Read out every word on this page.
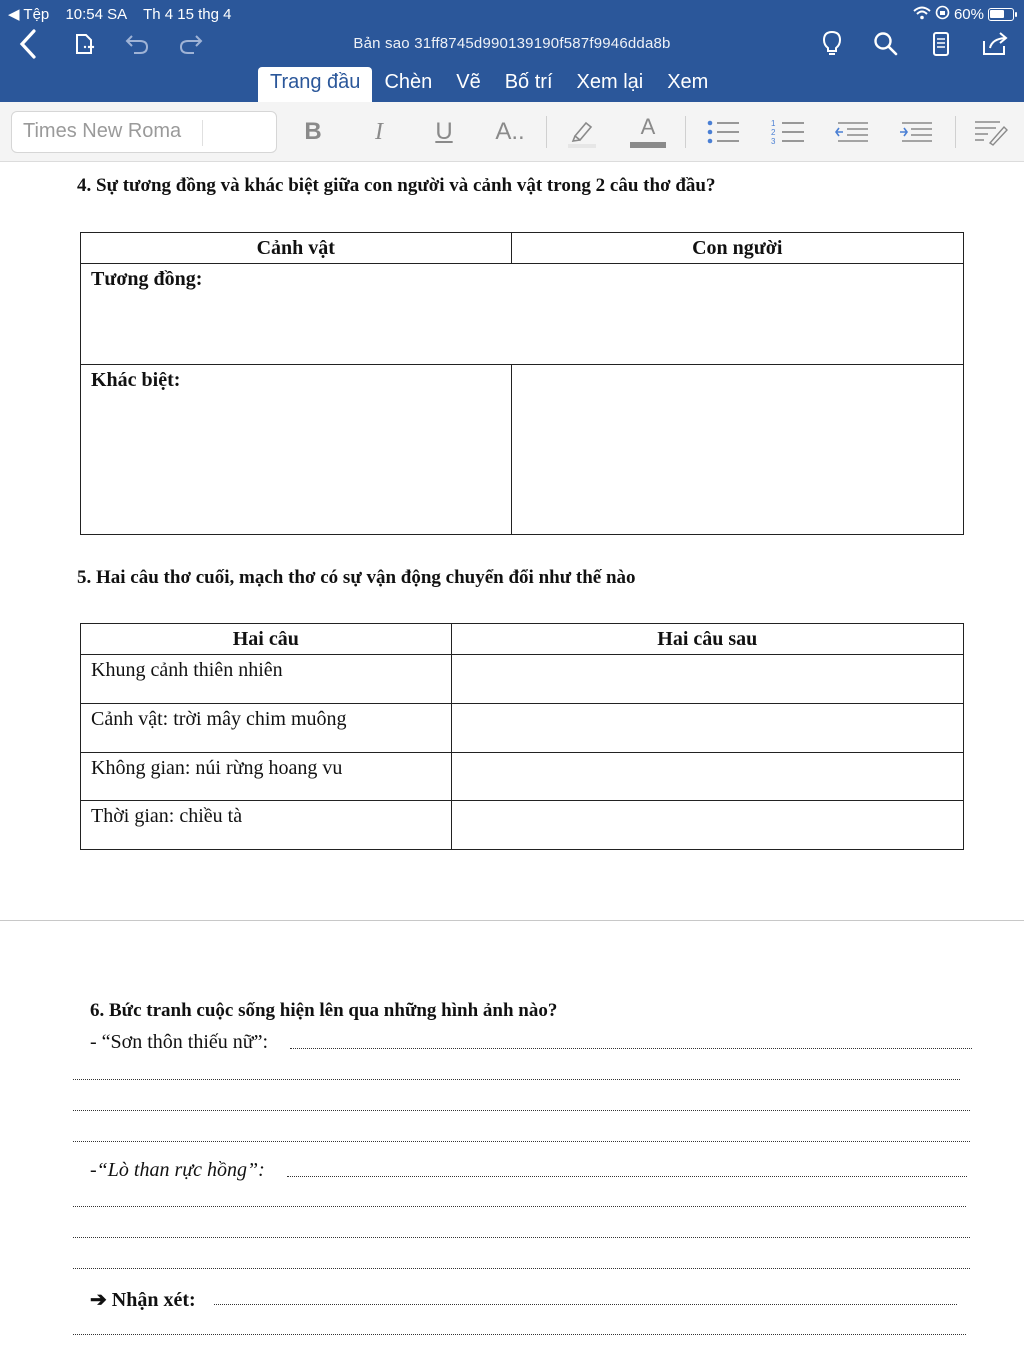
◀ Tệp 10:54 SA Th 4 15 thg 4	60%
Bản sao 31ff8745d990139190f587f9946dda8b
Trang đầu	Chèn	Vẽ	Bố trí	Xem lại	Xem
Times New Roma	B	I	U A..	A	1
2
3
4. Sự tương đồng và khác biệt giữa con người và cảnh vật trong 2 câu thơ đầu?
Cảnh vật	Con người
Tương đồng:	
Khác biệt:	
5. Hai câu thơ cuối, mạch thơ có sự vận động chuyển đổi như thế nào
Hai câu	Hai câu sau
Khung cảnh thiên nhiên	
Cảnh vật: trời mây chim muông	
Không gian: núi rừng hoang vu	
Thời gian: chiều tà	
6. Bức tranh cuộc sống hiện lên qua những hình ảnh nào?
- “Sơn thôn thiếu nữ”:
-“Lò than rực hồng”:
➔ Nhận xét:
